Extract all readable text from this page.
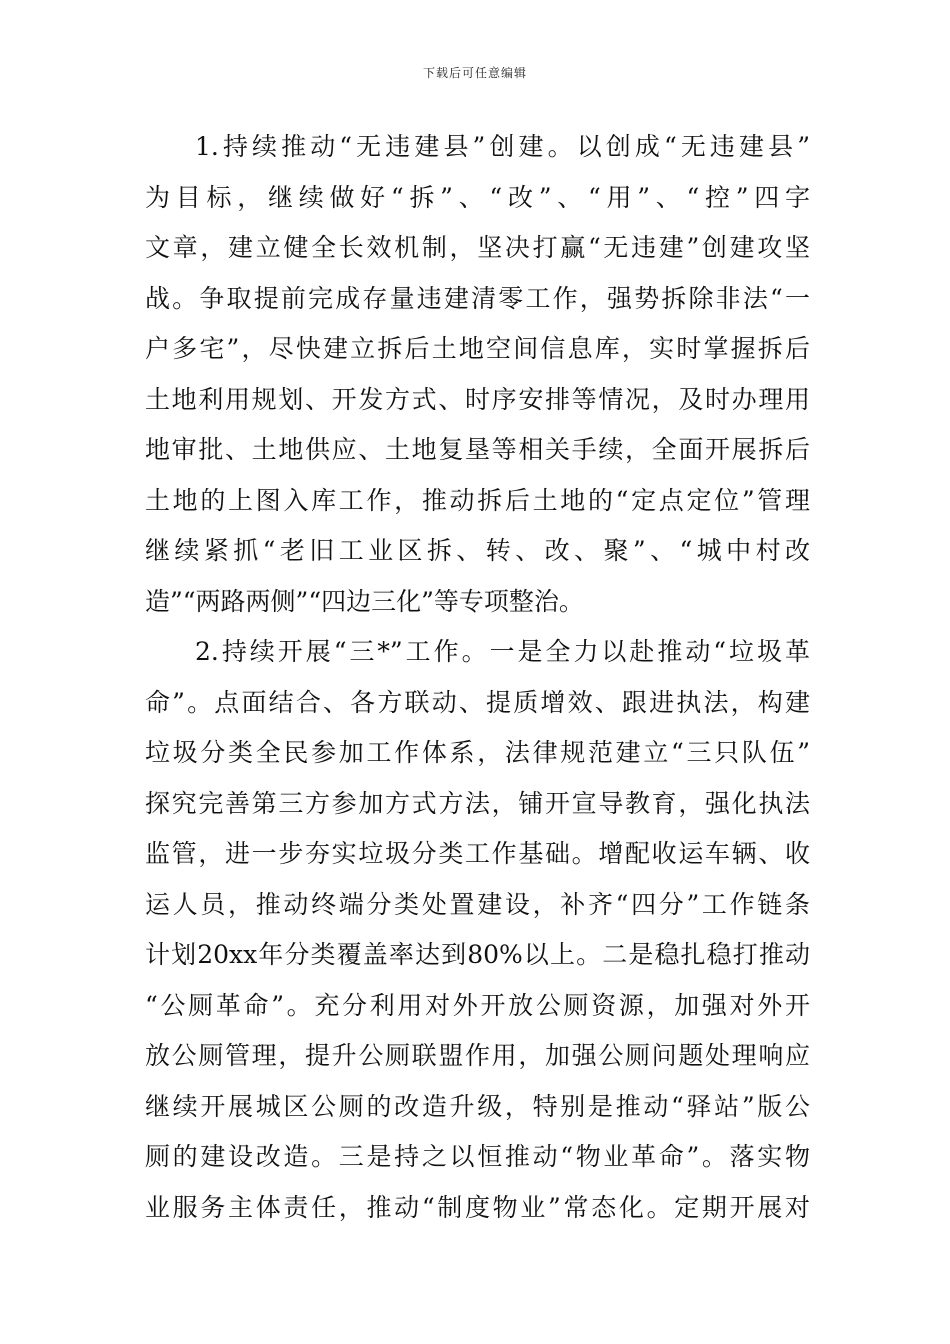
下载后可任意编辑
1.持续推动“无违建县”创建。以创成“无违建县”
为目标，继续做好“拆”、“改”、“用”、“控”四字
文章，建立健全长效机制，坚决打赢“无违建”创建攻坚
战。争取提前完成存量违建清零工作，强势拆除非法“一
户多宅”，尽快建立拆后土地空间信息库，实时掌握拆后
土地利用规划、开发方式、时序安排等情况，及时办理用
地审批、土地供应、土地复垦等相关手续，全面开展拆后
土地的上图入库工作，推动拆后土地的“定点定位”管理
继续紧抓“老旧工业区拆、转、改、聚”、“城中村改
造”“两路两侧”“四边三化”等专项整治。
2.持续开展“三*”工作。一是全力以赴推动“垃圾革
命”。点面结合、各方联动、提质增效、跟进执法，构建
垃圾分类全民参加工作体系，法律规范建立“三只队伍”
探究完善第三方参加方式方法，铺开宣导教育，强化执法
监管，进一步夯实垃圾分类工作基础。增配收运车辆、收
运人员，推动终端分类处置建设，补齐“四分”工作链条
计划20xx年分类覆盖率达到80%以上。二是稳扎稳打推动
“公厕革命”。充分利用对外开放公厕资源，加强对外开
放公厕管理，提升公厕联盟作用，加强公厕问题处理响应
继续开展城区公厕的改造升级，特别是推动“驿站”版公
厕的建设改造。三是持之以恒推动“物业革命”。落实物
业服务主体责任，推动“制度物业”常态化。定期开展对
